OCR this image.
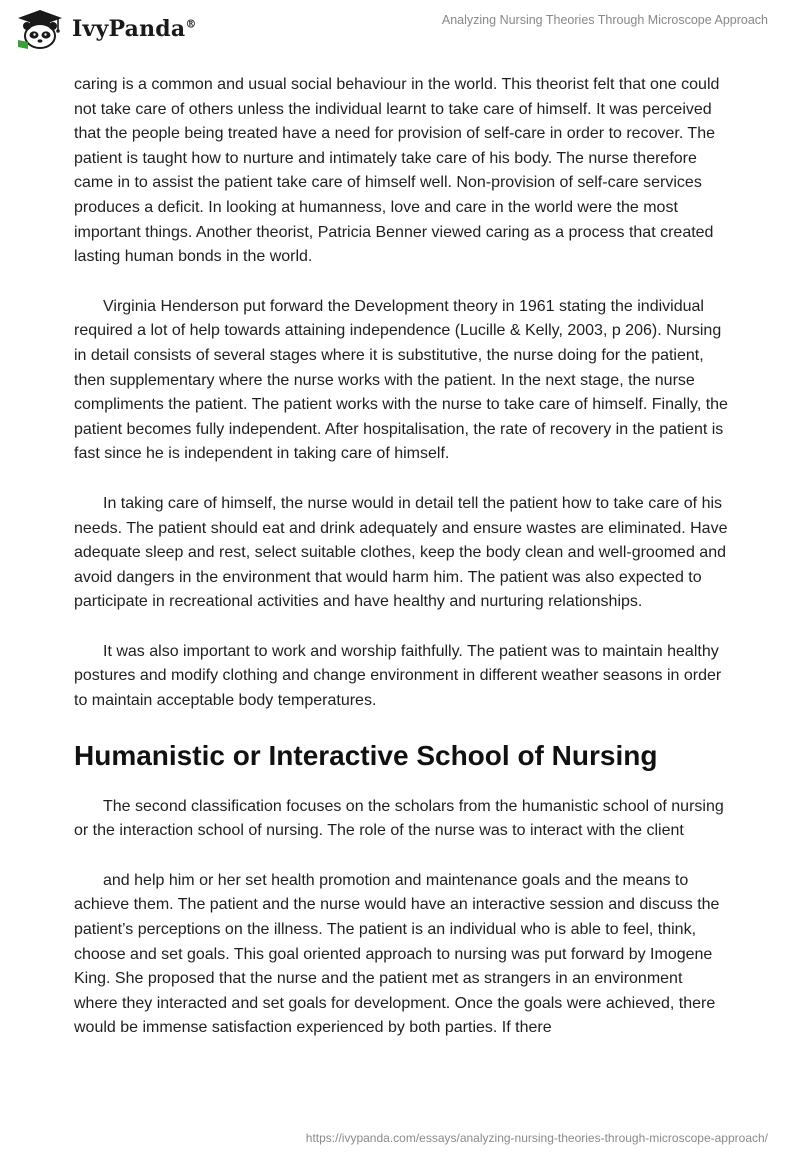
IvyPanda®	Analyzing Nursing Theories Through Microscope Approach

caring is a common and usual social behaviour in the world. This theorist felt that one could not take care of others unless the individual learnt to take care of himself. It was perceived that the people being treated have a need for provision of self-care in order to recover. The patient is taught how to nurture and intimately take care of his body. The nurse therefore came in to assist the patient take care of himself well. Non-provision of self-care services produces a deficit. In looking at humanness, love and care in the world were the most important things. Another theorist, Patricia Benner viewed caring as a process that created lasting human bonds in the world.

Virginia Henderson put forward the Development theory in 1961 stating the individual required a lot of help towards attaining independence (Lucille & Kelly, 2003, p 206). Nursing in detail consists of several stages where it is substitutive, the nurse doing for the patient, then supplementary where the nurse works with the patient. In the next stage, the nurse compliments the patient. The patient works with the nurse to take care of himself. Finally, the patient becomes fully independent. After hospitalisation, the rate of recovery in the patient is fast since he is independent in taking care of himself.

In taking care of himself, the nurse would in detail tell the patient how to take care of his needs. The patient should eat and drink adequately and ensure wastes are eliminated. Have adequate sleep and rest, select suitable clothes, keep the body clean and well-groomed and avoid dangers in the environment that would harm him. The patient was also expected to participate in recreational activities and have healthy and nurturing relationships.

It was also important to work and worship faithfully. The patient was to maintain healthy postures and modify clothing and change environment in different weather seasons in order to maintain acceptable body temperatures.

Humanistic or Interactive School of Nursing

The second classification focuses on the scholars from the humanistic school of nursing or the interaction school of nursing. The role of the nurse was to interact with the client

and help him or her set health promotion and maintenance goals and the means to achieve them. The patient and the nurse would have an interactive session and discuss the patient’s perceptions on the illness. The patient is an individual who is able to feel, think, choose and set goals. This goal oriented approach to nursing was put forward by Imogene King. She proposed that the nurse and the patient met as strangers in an environment where they interacted and set goals for development. Once the goals were achieved, there would be immense satisfaction experienced by both parties. If there

https://ivypanda.com/essays/analyzing-nursing-theories-through-microscope-approach/
